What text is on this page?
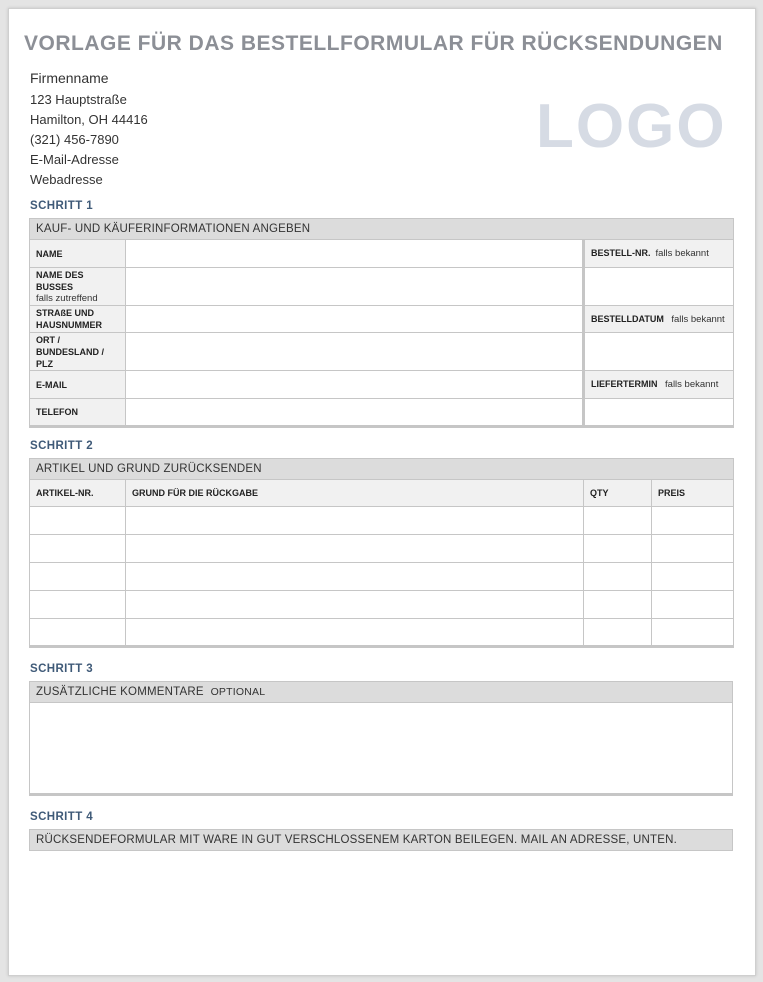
VORLAGE FÜR DAS BESTELLFORMULAR FÜR RÜCKSENDUNGEN
Firmenname
123 Hauptstraße
Hamilton, OH 44416
(321) 456-7890
E-Mail-Adresse
Webadresse
LOGO
SCHRITT 1
KAUF- UND KÄUFERINFORMATIONEN ANGEBEN		
NAME		BESTELL-NR. falls bekannt

NAME DES BUSSES
falls zutreffend		

STRAßE UND HAUSNUMMER		BESTELLDATUM falls bekannt
ORT / BUNDESLAND / PLZ		
E-MAIL		LIEFERTERMIN falls bekannt
TELEFON		
SCHRITT 2
ARTIKEL UND GRUND ZURÜCKSENDEN			
ARTIKEL-NR.	GRUND FÜR DIE RÜCKGABE	QTY	PREIS

SCHRITT 3
ZUSÄTZLICHE KOMMENTARE OPTIONAL

SCHRITT 4
RÜCKSENDEFORMULAR MIT WARE IN GUT VERSCHLOSSENEM KARTON BEILEGEN. MAIL AN ADRESSE, UNTEN.
